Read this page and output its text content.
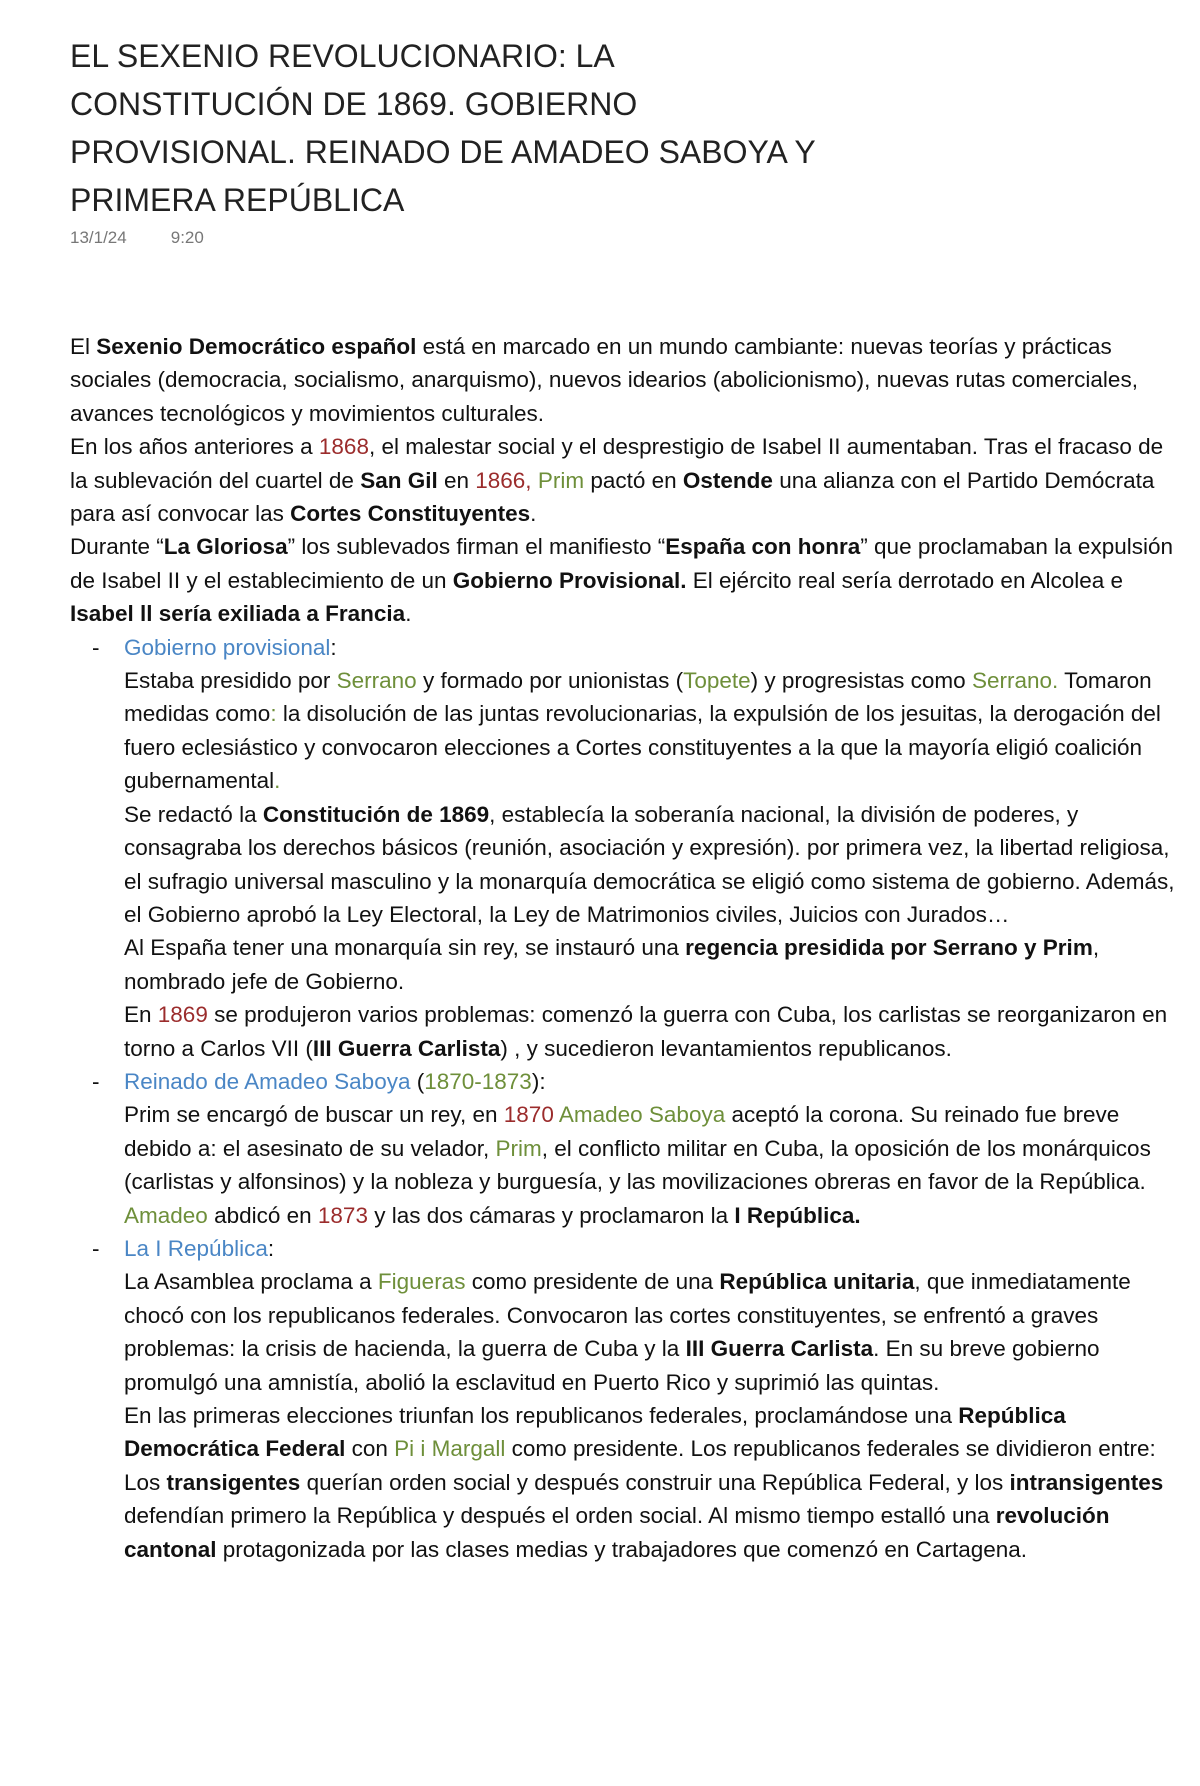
EL SEXENIO REVOLUCIONARIO: LA CONSTITUCIÓN DE 1869. GOBIERNO PROVISIONAL. REINADO DE AMADEO SABOYA Y PRIMERA REPÚBLICA
13/1/24	9:20

El Sexenio Democrático español está en marcado en un mundo cambiante: nuevas teorías y prácticas sociales (democracia, socialismo, anarquismo), nuevos idearios (abolicionismo), nuevas rutas comerciales, avances tecnológicos y movimientos culturales.

En los años anteriores a 1868, el malestar social y el desprestigio de Isabel II aumentaban. Tras el fracaso de la sublevación del cuartel de San Gil en 1866, Prim pactó en Ostende una alianza con el Partido Demócrata para así convocar las Cortes Constituyentes.

Durante “La Gloriosa” los sublevados firman el manifiesto “España con honra” que proclamaban la expulsión de Isabel II y el establecimiento de un Gobierno Provisional. El ejército real sería derrotado en Alcolea e Isabel ll sería exiliada a Francia.

- Gobierno provisional:

Estaba presidido por Serrano y formado por unionistas (Topete) y progresistas como Serrano. Tomaron medidas como: la disolución de las juntas revolucionarias, la expulsión de los jesuitas, la derogación del fuero eclesiástico y convocaron elecciones a Cortes constituyentes a la que la mayoría eligió coalición gubernamental.

Se redactó la Constitución de 1869, establecía la soberanía nacional, la división de poderes, y consagraba los derechos básicos (reunión, asociación y expresión). por primera vez, la libertad religiosa, el sufragio universal masculino y la monarquía democrática se eligió como sistema de gobierno. Además, el Gobierno aprobó la Ley Electoral, la Ley de Matrimonios civiles, Juicios con Jurados…

Al España tener una monarquía sin rey, se instauró una regencia presidida por Serrano y Prim, nombrado jefe de Gobierno.

En 1869 se produjeron varios problemas: comenzó la guerra con Cuba, los carlistas se reorganizaron en torno a Carlos VII (III Guerra Carlista) , y sucedieron levantamientos republicanos.

- Reinado de Amadeo Saboya (1870-1873):

Prim se encargó de buscar un rey, en 1870 Amadeo Saboya aceptó la corona. Su reinado fue breve debido a: el asesinato de su velador, Prim, el conflicto militar en Cuba, la oposición de los monárquicos (carlistas y alfonsinos) y la nobleza y burguesía, y las movilizaciones obreras en favor de la República. Amadeo abdicó en 1873 y las dos cámaras y proclamaron la I República.

- La I República:

La Asamblea proclama a Figueras como presidente de una República unitaria, que inmediatamente chocó con los republicanos federales. Convocaron las cortes constituyentes, se enfrentó a graves problemas: la crisis de hacienda, la guerra de Cuba y la III Guerra Carlista. En su breve gobierno promulgó una amnistía, abolió la esclavitud en Puerto Rico y suprimió las quintas.

En las primeras elecciones triunfan los republicanos federales, proclamándose una República Democrática Federal con Pi i Margall como presidente. Los republicanos federales se dividieron entre: Los transigentes querían orden social y después construir una República Federal, y los intransigentes defendían primero la República y después el orden social. Al mismo tiempo estalló una revolución cantonal protagonizada por las clases medias y trabajadores que comenzó en Cartagena.
